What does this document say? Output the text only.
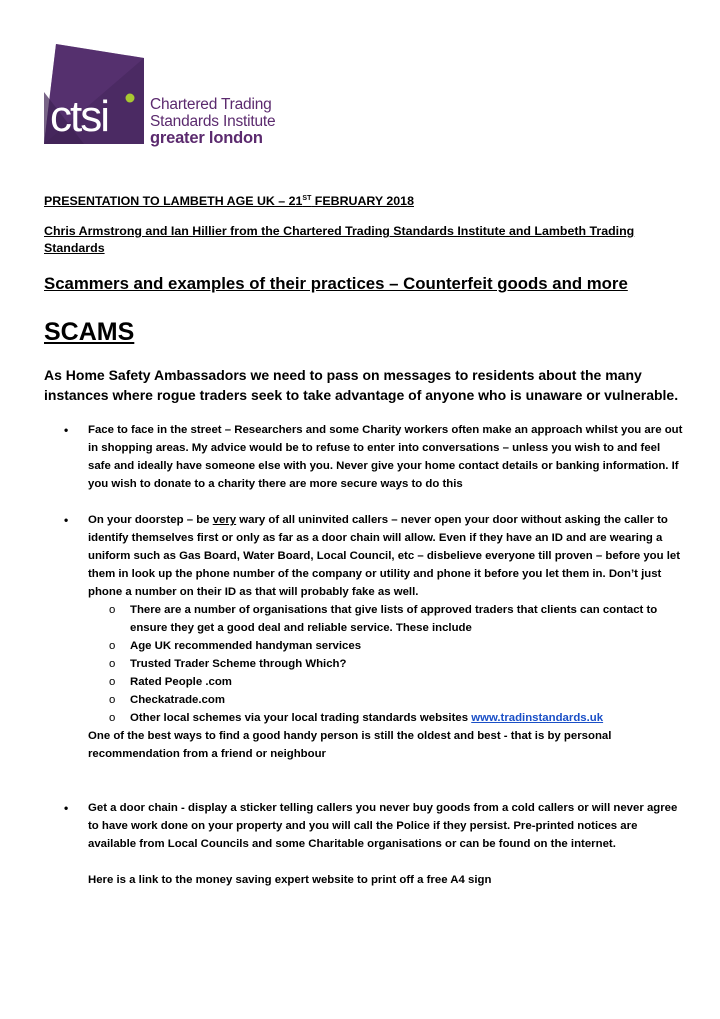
ctsi	Chartered Trading
Standards Institute
greater london

PRESENTATION TO LAMBETH AGE UK – 21ST FEBRUARY 2018

Chris Armstrong and Ian Hillier from the Chartered Trading Standards Institute and Lambeth Trading Standards

Scammers and examples of their practices – Counterfeit goods and more

SCAMS

As Home Safety Ambassadors we need to pass on messages to residents about the many instances where rogue traders seek to take advantage of anyone who is unaware or vulnerable.

• Face to face in the street – Researchers and some Charity workers often make an approach whilst you are out in shopping areas. My advice would be to refuse to enter into conversations – unless you wish to and feel safe and ideally have someone else with you. Never give your home contact details or banking information. If you wish to donate to a charity there are more secure ways to do this
• On your doorstep – be very wary of all uninvited callers – never open your door without asking the caller to identify themselves first or only as far as a door chain will allow. Even if they have an ID and are wearing a uniform such as Gas Board, Water Board, Local Council, etc – disbelieve everyone till proven – before you let them in look up the phone number of the company or utility and phone it before you let them in. Don’t just phone a number on their ID as that will probably fake as well.
o There are a number of organisations that give lists of approved traders that clients can contact to ensure they get a good deal and reliable service. These include
o Age UK recommended handyman services
o Trusted Trader Scheme through Which?
o Rated People .com
o Checkatrade.com
o Other local schemes via your local trading standards websites www.tradinstandards.uk
One of the best ways to find a good handy person is still the oldest and best - that is by personal recommendation from a friend or neighbour
• Get a door chain - display a sticker telling callers you never buy goods from a cold callers or will never agree to have work done on your property and you will call the Police if they persist. Pre-printed notices are available from Local Councils and some Charitable organisations or can be found on the internet.
Here is a link to the money saving expert website to print off a free A4 sign
